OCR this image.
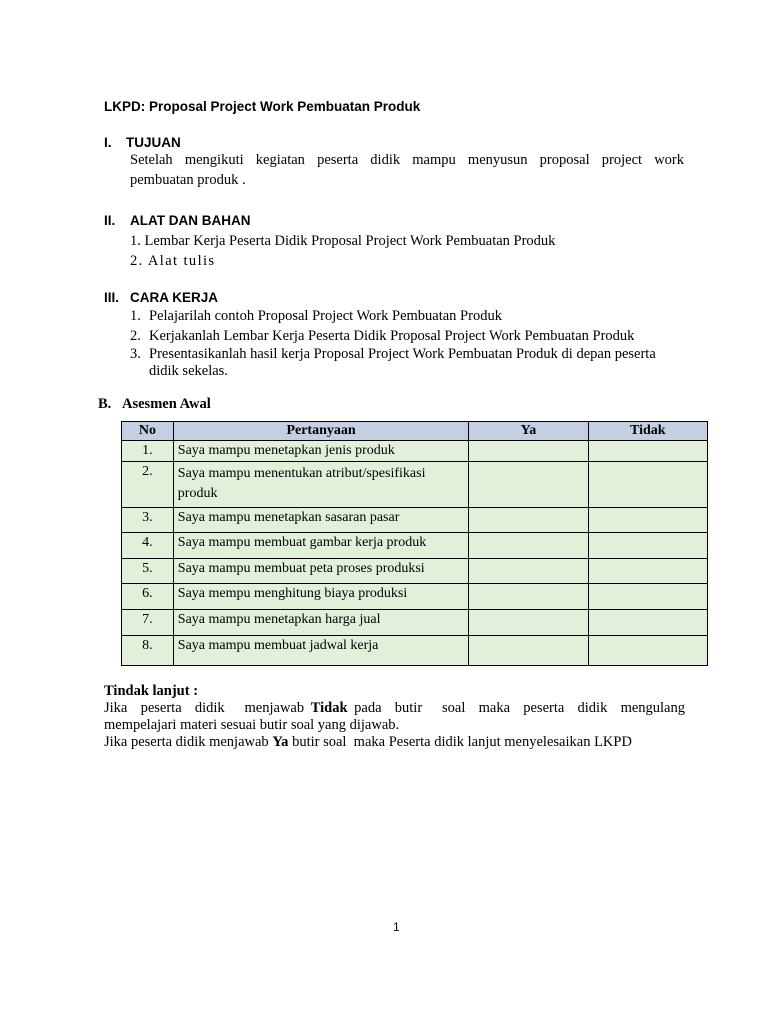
LKPD: Proposal Project Work Pembuatan Produk
I. TUJUAN
Setelah mengikuti kegiatan peserta didik mampu menyusun proposal project work
pembuatan produk .
II. ALAT DAN BAHAN
1. Lembar Kerja Peserta Didik Proposal Project Work Pembuatan Produk
2. Alat tulis
III. CARA KERJA
1. Pelajarilah contoh Proposal Project Work Pembuatan Produk
2. Kerjakanlah Lembar Kerja Peserta Didik Proposal Project Work Pembuatan Produk
3. Presentasikanlah hasil kerja Proposal Project Work Pembuatan Produk di depan peserta
didik sekelas.
B. Asesmen Awal
No	Pertanyaan	Ya	Tidak
1.	Saya mampu menetapkan jenis produk		
2.	Saya mampu menentukan atribut/spesifikasi produk		
3.	Saya mampu menetapkan sasaran pasar		
4.	Saya mampu membuat gambar kerja produk		
5.	Saya mampu membuat peta proses produksi		
6.	Saya mempu menghitung biaya produksi		
7.	Saya mampu menetapkan harga jual		
8.	Saya mampu membuat jadwal kerja		
Tindak lanjut :
Jika  peserta  didik   menjawab Tidak pada  butir   soal  maka  peserta  didik  mengulang
mempelajari materi sesuai butir soal yang dijawab.
Jika peserta didik menjawab Ya butir soal  maka Peserta didik lanjut menyelesaikan LKPD
1
